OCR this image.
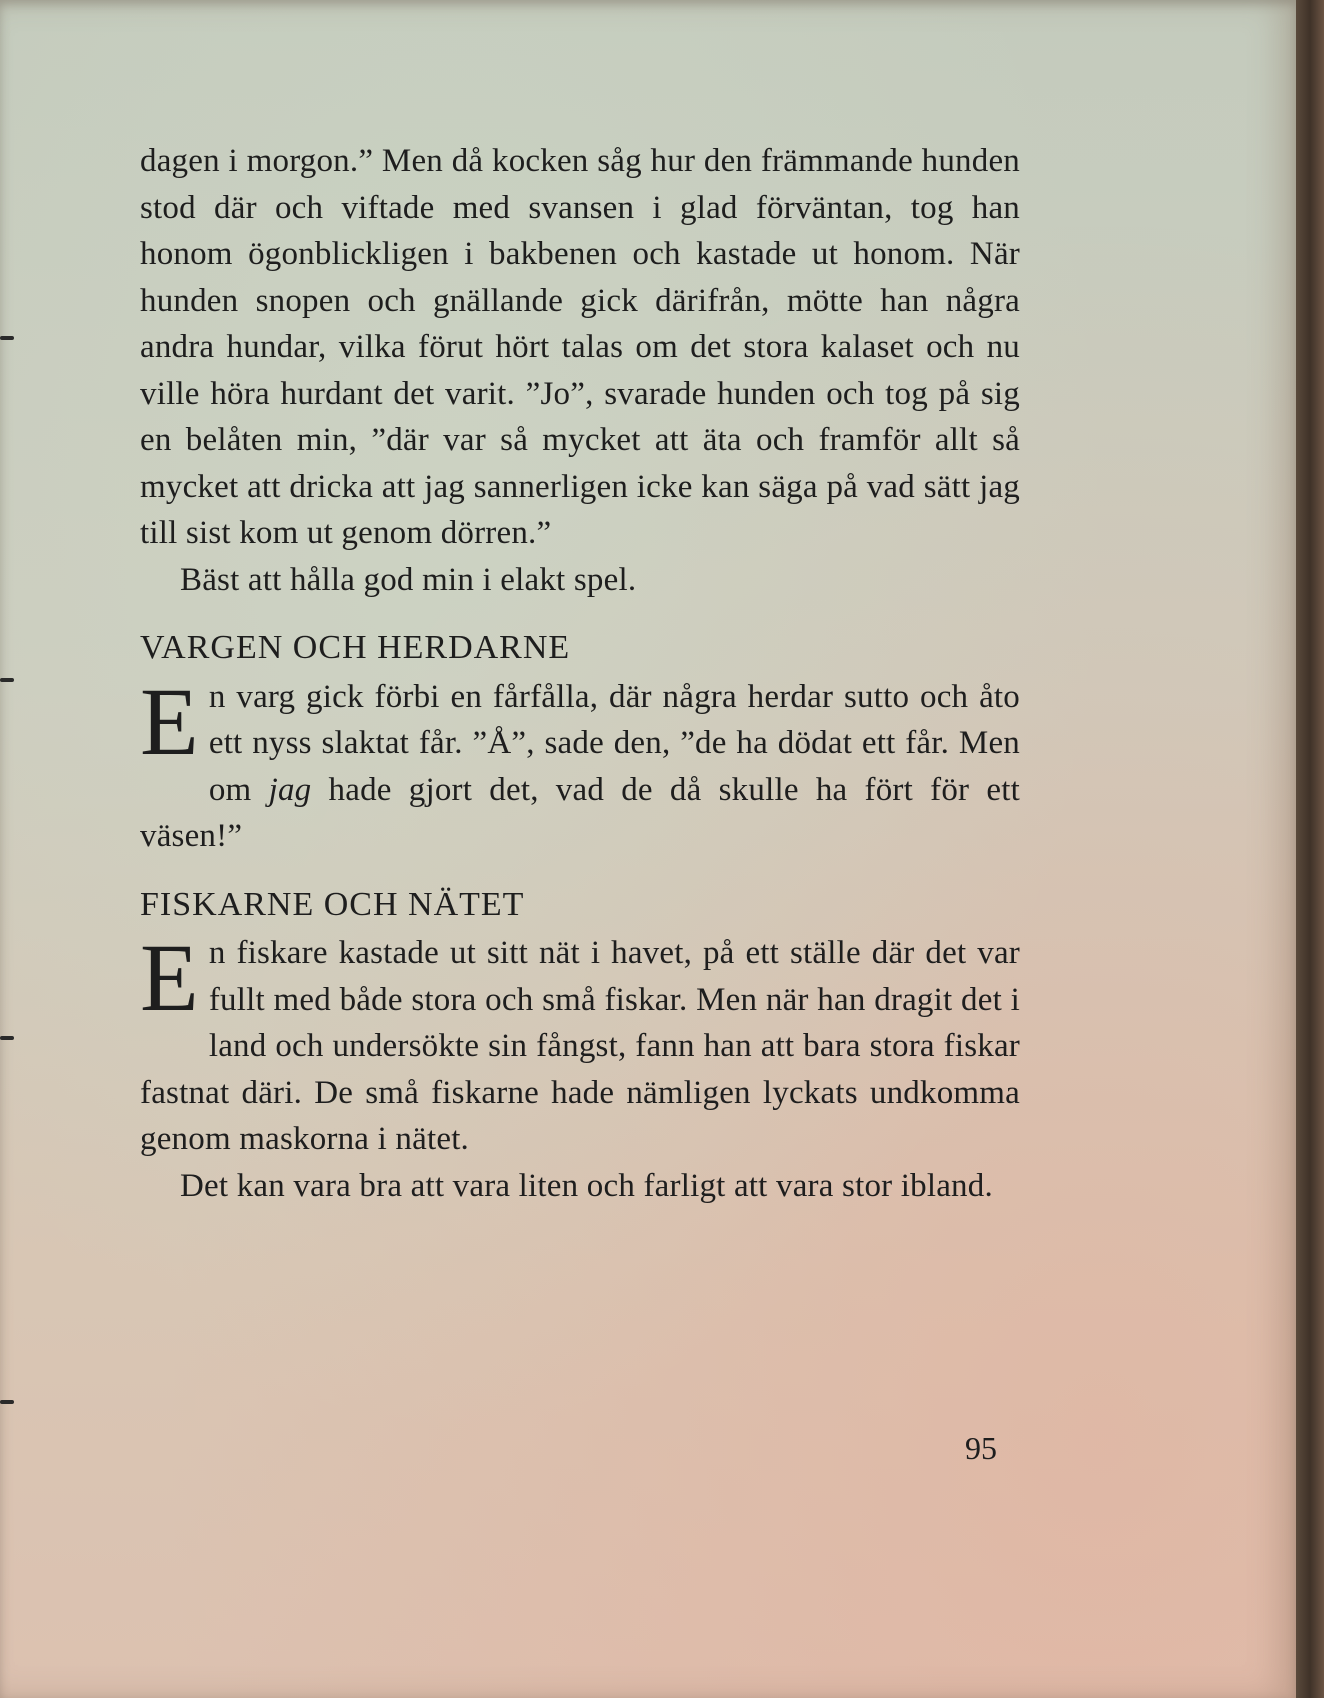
dagen i morgon.” Men då kocken såg hur den främmande hunden stod där och viftade med svansen i glad förväntan, tog han honom ögonblickligen i bakbenen och kastade ut honom. När hunden snopen och gnällande gick därifrån, mötte han några andra hundar, vilka förut hört talas om det stora kalaset och nu ville höra hurdant det varit. ”Jo”, svarade hunden och tog på sig en belåten min, ”där var så mycket att äta och framför allt så mycket att dricka att jag sannerligen icke kan säga på vad sätt jag till sist kom ut genom dörren.”

Bäst att hålla god min i elakt spel.

VARGEN OCH HERDARNE

En varg gick förbi en fårfålla, där några herdar sutto och åto ett nyss slaktat får. ”Å”, sade den, ”de ha dödat ett får. Men om jag hade gjort det, vad de då skulle ha fört för ett väsen!”

FISKARNE OCH NÄTET

En fiskare kastade ut sitt nät i havet, på ett ställe där det var fullt med både stora och små fiskar. Men när han dragit det i land och undersökte sin fångst, fann han att bara stora fiskar fastnat däri. De små fiskarne hade nämligen lyckats undkomma genom maskorna i nätet.

Det kan vara bra att vara liten och farligt att vara stor ibland.

95
